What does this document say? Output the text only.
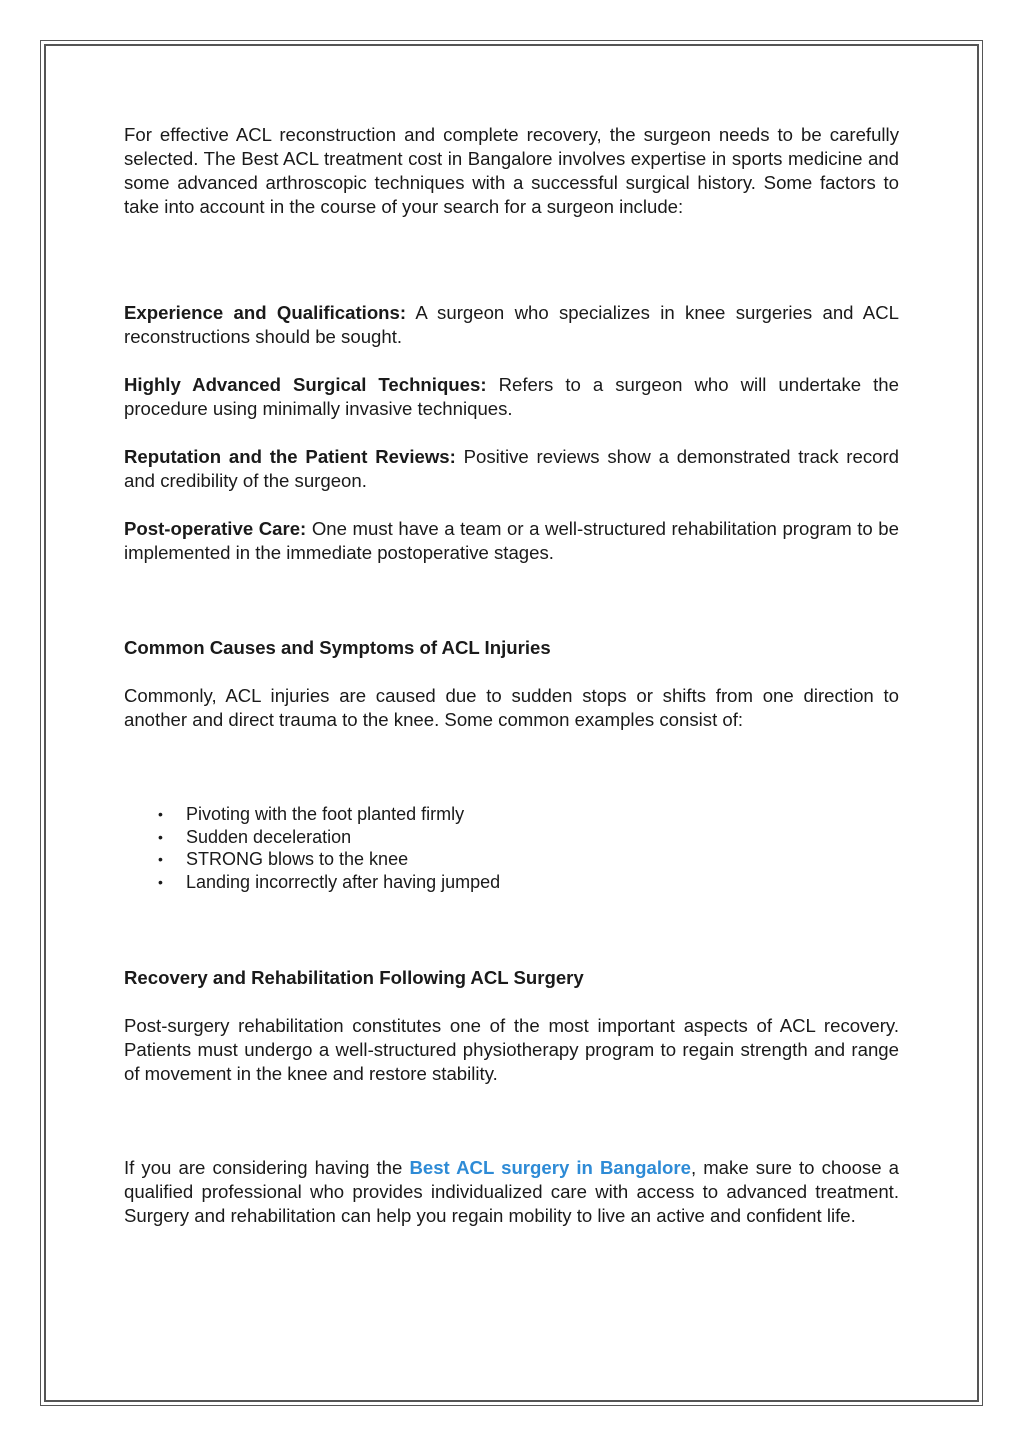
For effective ACL reconstruction and complete recovery, the surgeon needs to be carefully selected. The Best ACL treatment cost in Bangalore involves expertise in sports medicine and some advanced arthroscopic techniques with a successful surgical history. Some factors to take into account in the course of your search for a surgeon include:

Experience and Qualifications: A surgeon who specializes in knee surgeries and ACL reconstructions should be sought.

Highly Advanced Surgical Techniques: Refers to a surgeon who will undertake the procedure using minimally invasive techniques.

Reputation and the Patient Reviews: Positive reviews show a demonstrated track record and credibility of the surgeon.

Post-operative Care: One must have a team or a well-structured rehabilitation program to be implemented in the immediate postoperative stages.

Common Causes and Symptoms of ACL Injuries

Commonly, ACL injuries are caused due to sudden stops or shifts from one direction to another and direct trauma to the knee. Some common examples consist of:

• Pivoting with the foot planted firmly
• Sudden deceleration
• STRONG blows to the knee
• Landing incorrectly after having jumped

Recovery and Rehabilitation Following ACL Surgery

Post-surgery rehabilitation constitutes one of the most important aspects of ACL recovery. Patients must undergo a well-structured physiotherapy program to regain strength and range of movement in the knee and restore stability.

If you are considering having the Best ACL surgery in Bangalore, make sure to choose a qualified professional who provides individualized care with access to advanced treatment. Surgery and rehabilitation can help you regain mobility to live an active and confident life.
